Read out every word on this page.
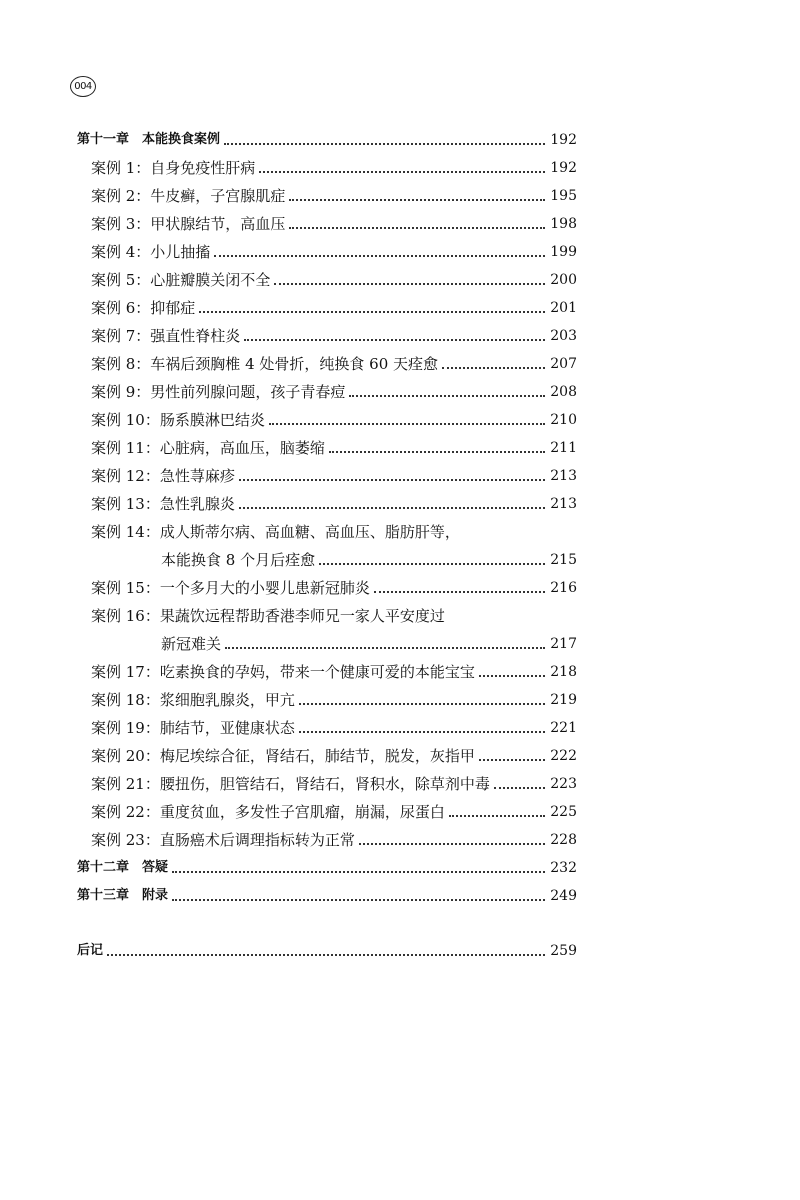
004
第十一章　本能换食案例	192
案例 1：自身免疫性肝病	192
案例 2：牛皮癣，子宫腺肌症	195
案例 3：甲状腺结节，高血压	198
案例 4：小儿抽搐	199
案例 5：心脏瓣膜关闭不全	200
案例 6：抑郁症	201
案例 7：强直性脊柱炎	203
案例 8：车祸后颈胸椎 4 处骨折，纯换食 60 天痊愈	207
案例 9：男性前列腺问题，孩子青春痘	208
案例 10：肠系膜淋巴结炎	210
案例 11：心脏病，高血压，脑萎缩	211
案例 12：急性荨麻疹	213
案例 13：急性乳腺炎	213
案例 14：成人斯蒂尔病、高血糖、高血压、脂肪肝等，
本能换食 8 个月后痊愈	215
案例 15：一个多月大的小婴儿患新冠肺炎	216
案例 16：果蔬饮远程帮助香港李师兄一家人平安度过
新冠难关	217
案例 17：吃素换食的孕妈，带来一个健康可爱的本能宝宝	218
案例 18：浆细胞乳腺炎，甲亢	219
案例 19：肺结节，亚健康状态	221
案例 20：梅尼埃综合征，肾结石，肺结节，脱发，灰指甲	222
案例 21：腰扭伤，胆管结石，肾结石，肾积水，除草剂中毒	223
案例 22：重度贫血，多发性子宫肌瘤，崩漏，尿蛋白	225
案例 23：直肠癌术后调理指标转为正常	228
第十二章　答疑	232
第十三章　附录	249
后记	259
